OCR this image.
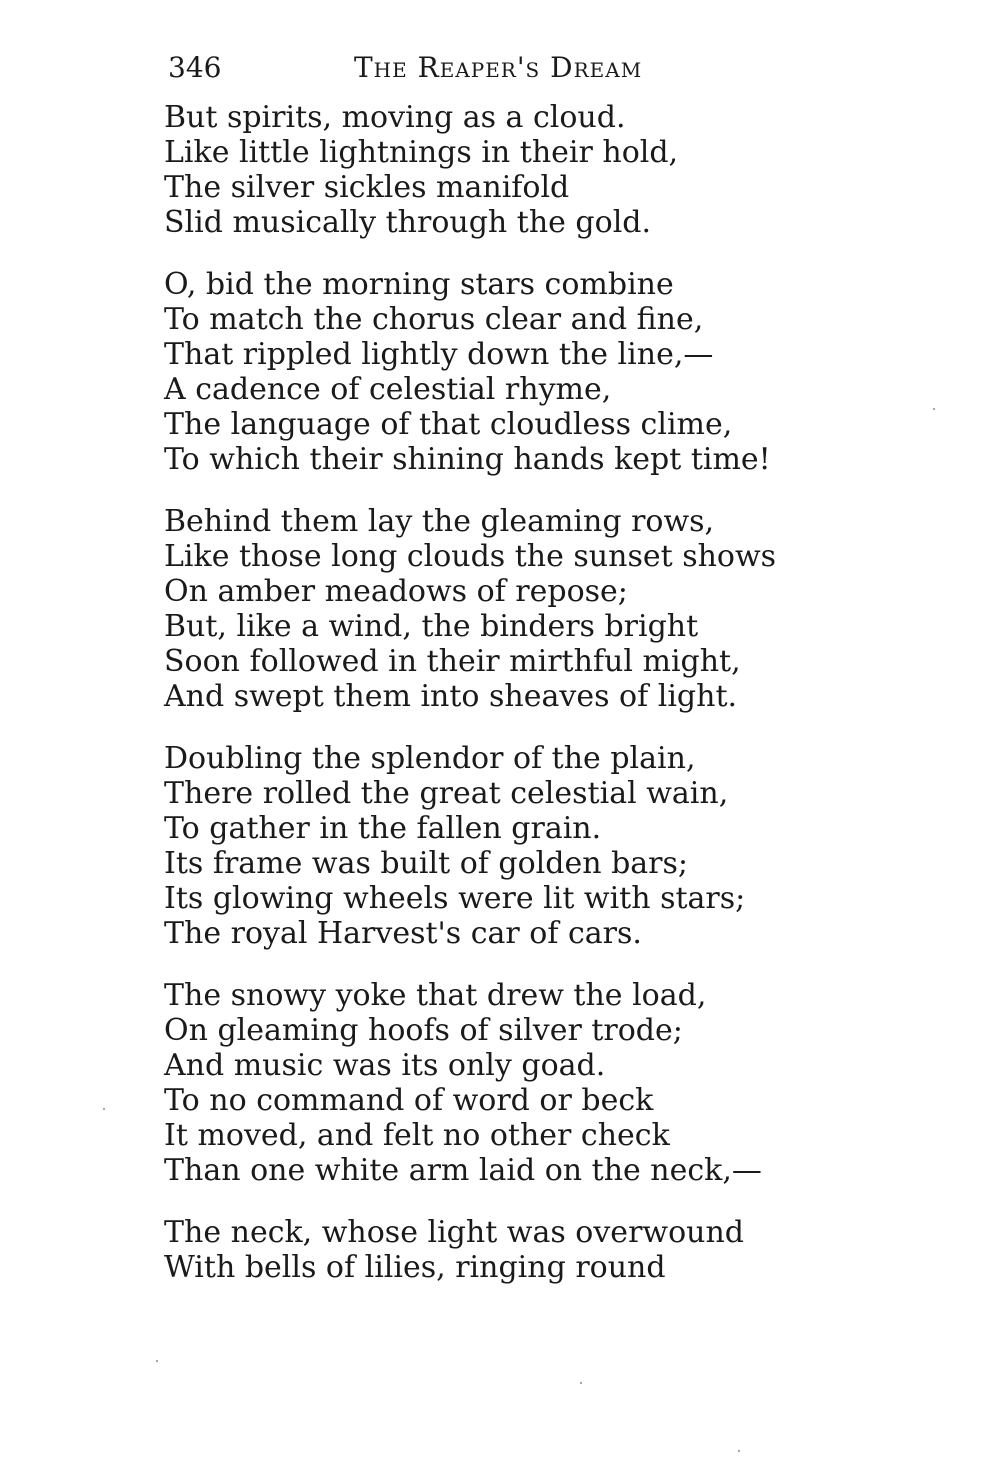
346	The Reaper's Dream
But spirits, moving as a cloud.
Like little lightnings in their hold,
The silver sickles manifold
Slid musically through the gold.
O, bid the morning stars combine
To match the chorus clear and fine,
That rippled lightly down the line,—
A cadence of celestial rhyme,
The language of that cloudless clime,
To which their shining hands kept time!
Behind them lay the gleaming rows,
Like those long clouds the sunset shows
On amber meadows of repose;
But, like a wind, the binders bright
Soon followed in their mirthful might,
And swept them into sheaves of light.
Doubling the splendor of the plain,
There rolled the great celestial wain,
To gather in the fallen grain.
Its frame was built of golden bars;
Its glowing wheels were lit with stars;
The royal Harvest's car of cars.
The snowy yoke that drew the load,
On gleaming hoofs of silver trode;
And music was its only goad.
To no command of word or beck
It moved, and felt no other check
Than one white arm laid on the neck,—
The neck, whose light was overwound
With bells of lilies, ringing round
